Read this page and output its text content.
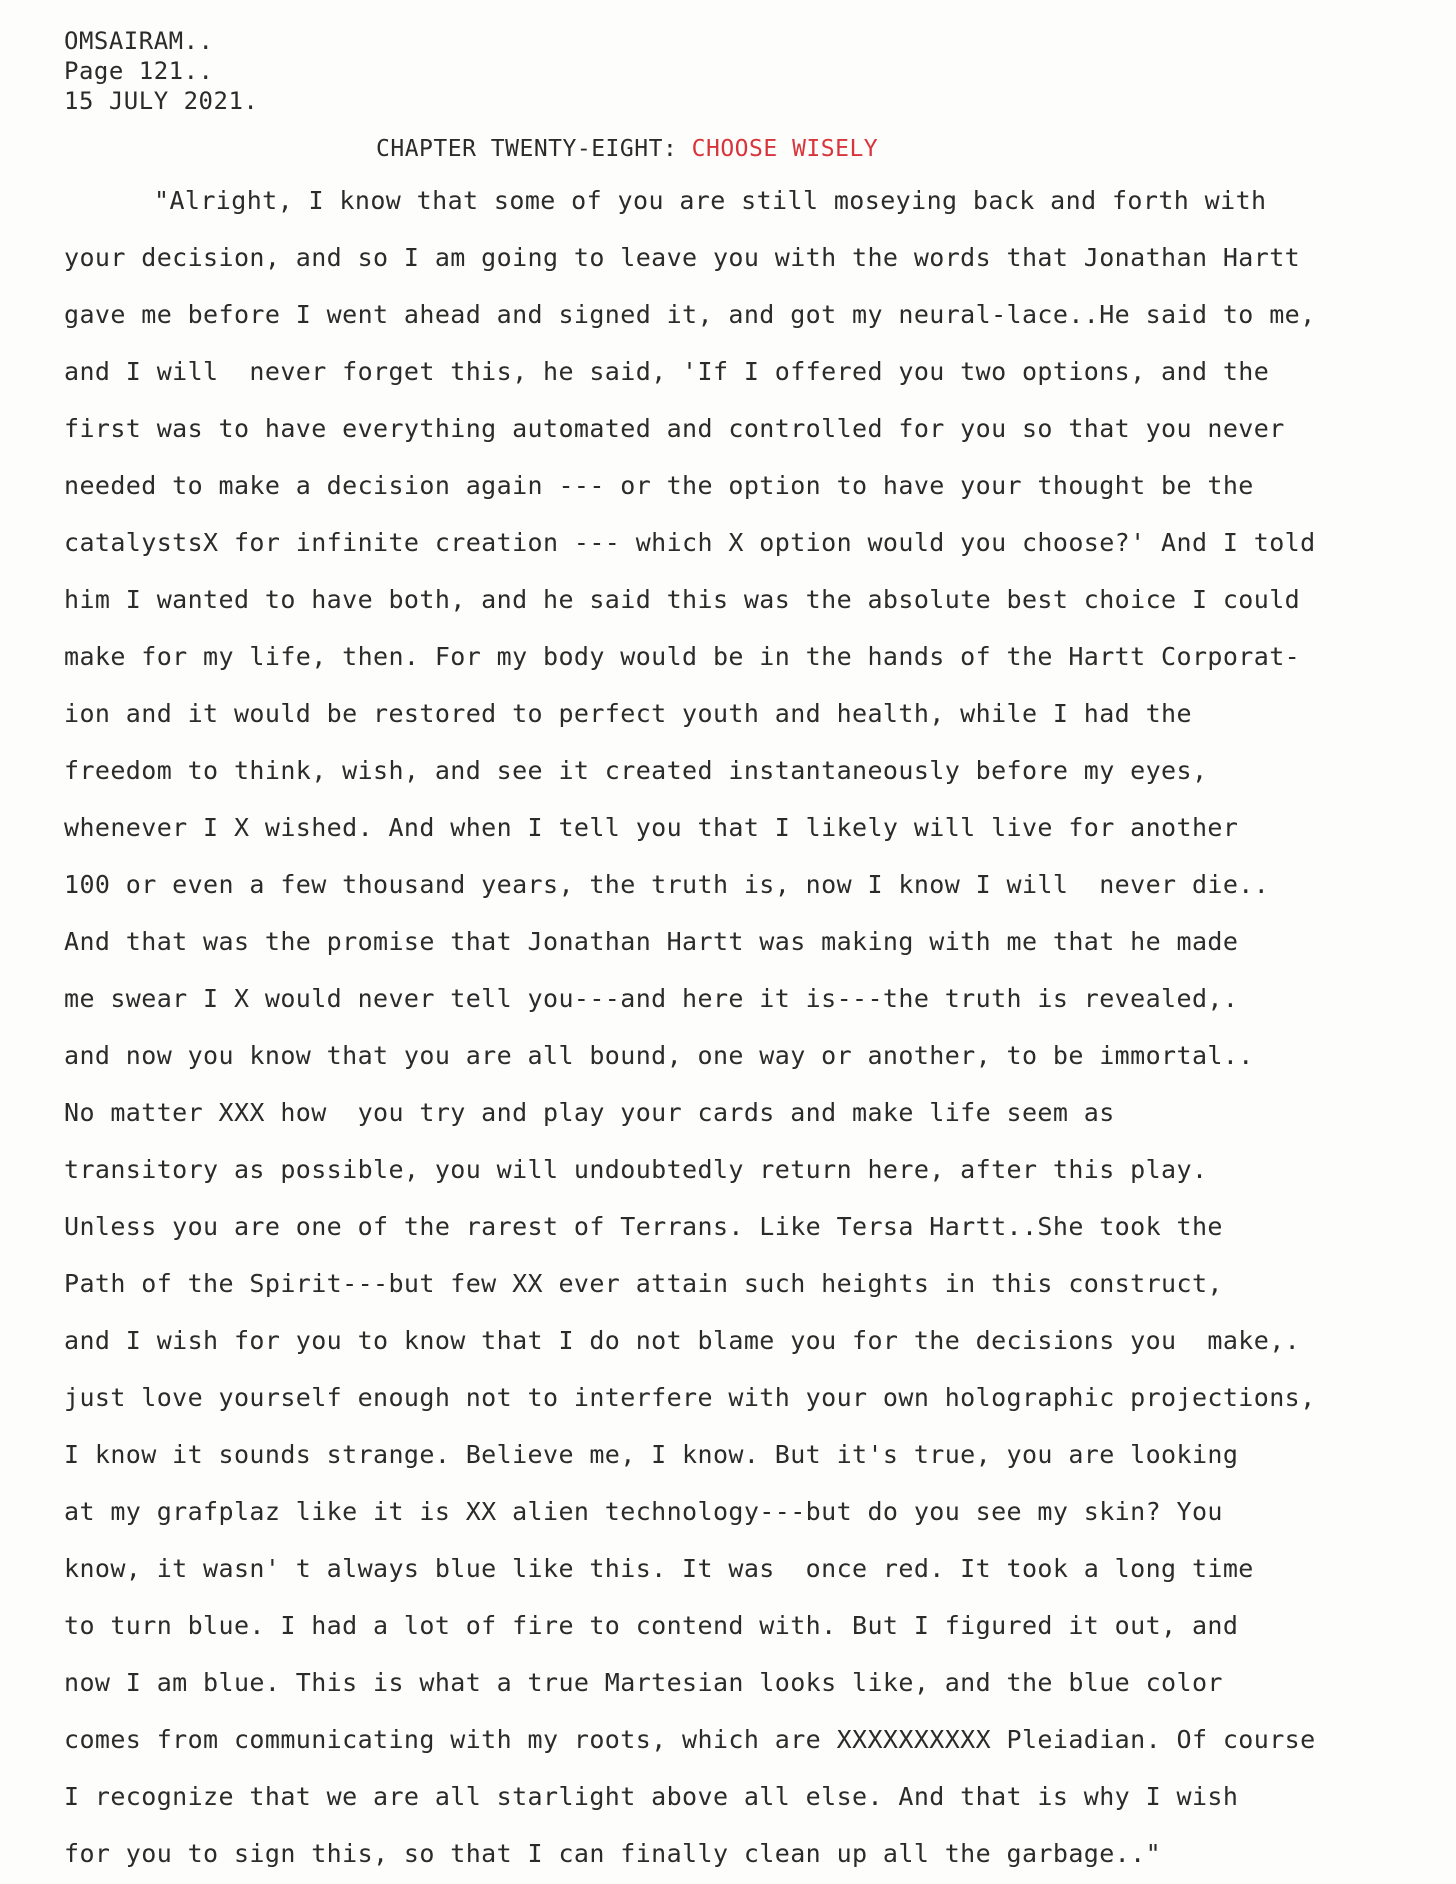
OMSAIRAM..
Page 121..
15 JULY 2021.
CHAPTER TWENTY-EIGHT: CHOOSE WISELY
"Alright, I know that some of you are still moseying back and forth with
your decision, and so I am going to leave you with the words that Jonathan Hartt
gave me before I went ahead and signed it, and got my neural-lace..He said to me,
and I will  never forget this, he said, 'If I offered you two options, and the
first was to have everything automated and controlled for you so that you never
needed to make a decision again --- or the option to have your thought be the
catalystsX for infinite creation --- which X option would you choose?' And I told
him I wanted to have both, and he said this was the absolute best choice I could
make for my life, then. For my body would be in the hands of the Hartt Corporat-
ion and it would be restored to perfect youth and health, while I had the
freedom to think, wish, and see it created instantaneously before my eyes,
whenever I X wished. And when I tell you that I likely will live for another
100 or even a few thousand years, the truth is, now I know I will  never die..
And that was the promise that Jonathan Hartt was making with me that he made
me swear I X would never tell you---and here it is---the truth is revealed,.
and now you know that you are all bound, one way or another, to be immortal..
No matter XXX how  you try and play your cards and make life seem as
transitory as possible, you will undoubtedly return here, after this play.
Unless you are one of the rarest of Terrans. Like Tersa Hartt..She took the
Path of the Spirit---but few XX ever attain such heights in this construct,
and I wish for you to know that I do not blame you for the decisions you  make,.
just love yourself enough not to interfere with your own holographic projections,
I know it sounds strange. Believe me, I know. But it's true, you are looking
at my grafplaz like it is XX alien technology---but do you see my skin? You
know, it wasn' t always blue like this. It was  once red. It took a long time
to turn blue. I had a lot of fire to contend with. But I figured it out, and
now I am blue. This is what a true Martesian looks like, and the blue color
comes from communicating with my roots, which are XXXXXXXXXX Pleiadian. Of course
I recognize that we are all starlight above all else. And that is why I wish
for you to sign this, so that I can finally clean up all the garbage.."
